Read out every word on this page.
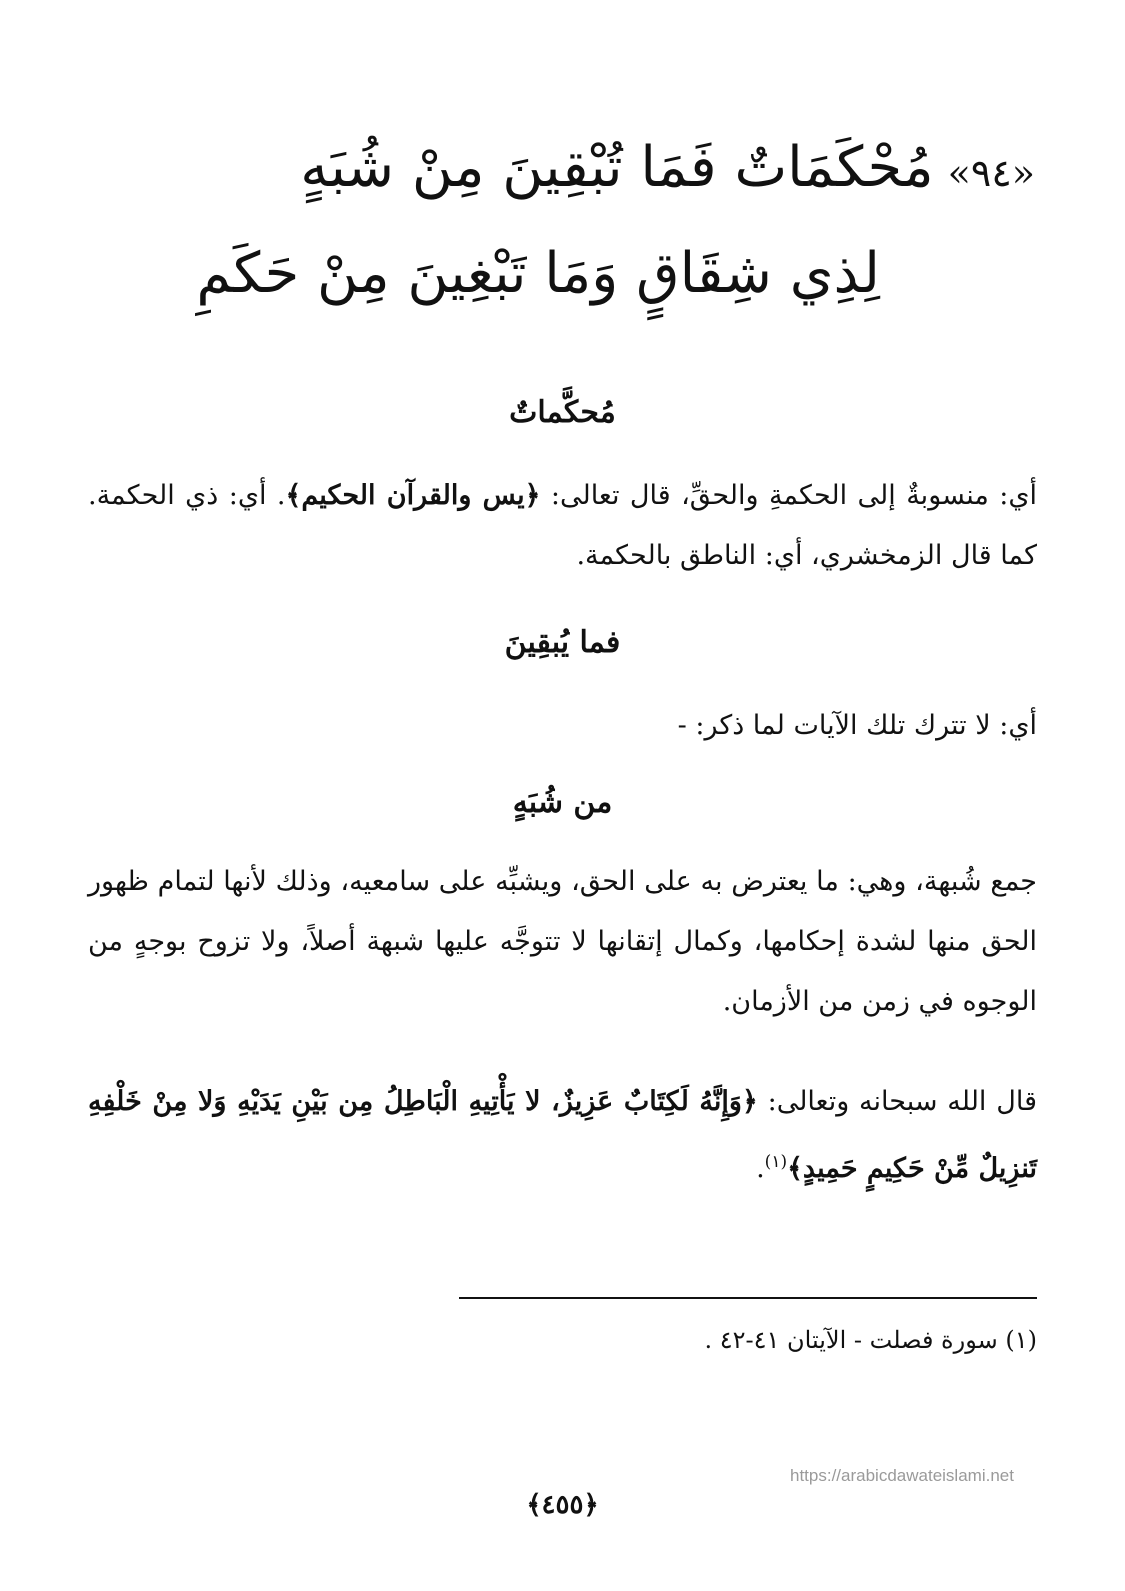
«٩٤»مُحْكَمَاتٌ فَمَا تُبْقِينَ مِنْ شُبَهٍ
لِذِي شِقَاقٍ وَمَا تَبْغِينَ مِنْ حَكَمِ
مُحكَّماتٌ
أي: منسوبةٌ إلى الحكمةِ والحقِّ، قال تعالى: ﴿يس والقرآن الحكيم﴾. أي: ذي الحكمة. كما قال الزمخشري، أي: الناطق بالحكمة.
فما يُبقِينَ
أي: لا تترك تلك الآيات لما ذكر: -
من شُبَهٍ
جمع شُبهة، وهي: ما يعترض به على الحق، ويشبِّه على سامعيه، وذلك لأنها لتمام ظهور الحق منها لشدة إحكامها، وكمال إتقانها لا تتوجَّه عليها شبهة أصلاً، ولا تزوح بوجهٍ من الوجوه في زمن من الأزمان.
قال الله سبحانه وتعالى: ﴿وَإِنَّهُ لَكِتَابٌ عَزِيزٌ، لا يَأْتِيهِ الْبَاطِلُ مِن بَيْنِ يَدَيْهِ وَلا مِنْ خَلْفِهِ تَنزِيلٌ مِّنْ حَكِيمٍ حَمِيدٍ﴾$^{(١)}$.
(١) سورة فصلت - الآيتان ٤١-٤٢ .
https://arabicdawateislami.net
﴿٤٥٥﴾
